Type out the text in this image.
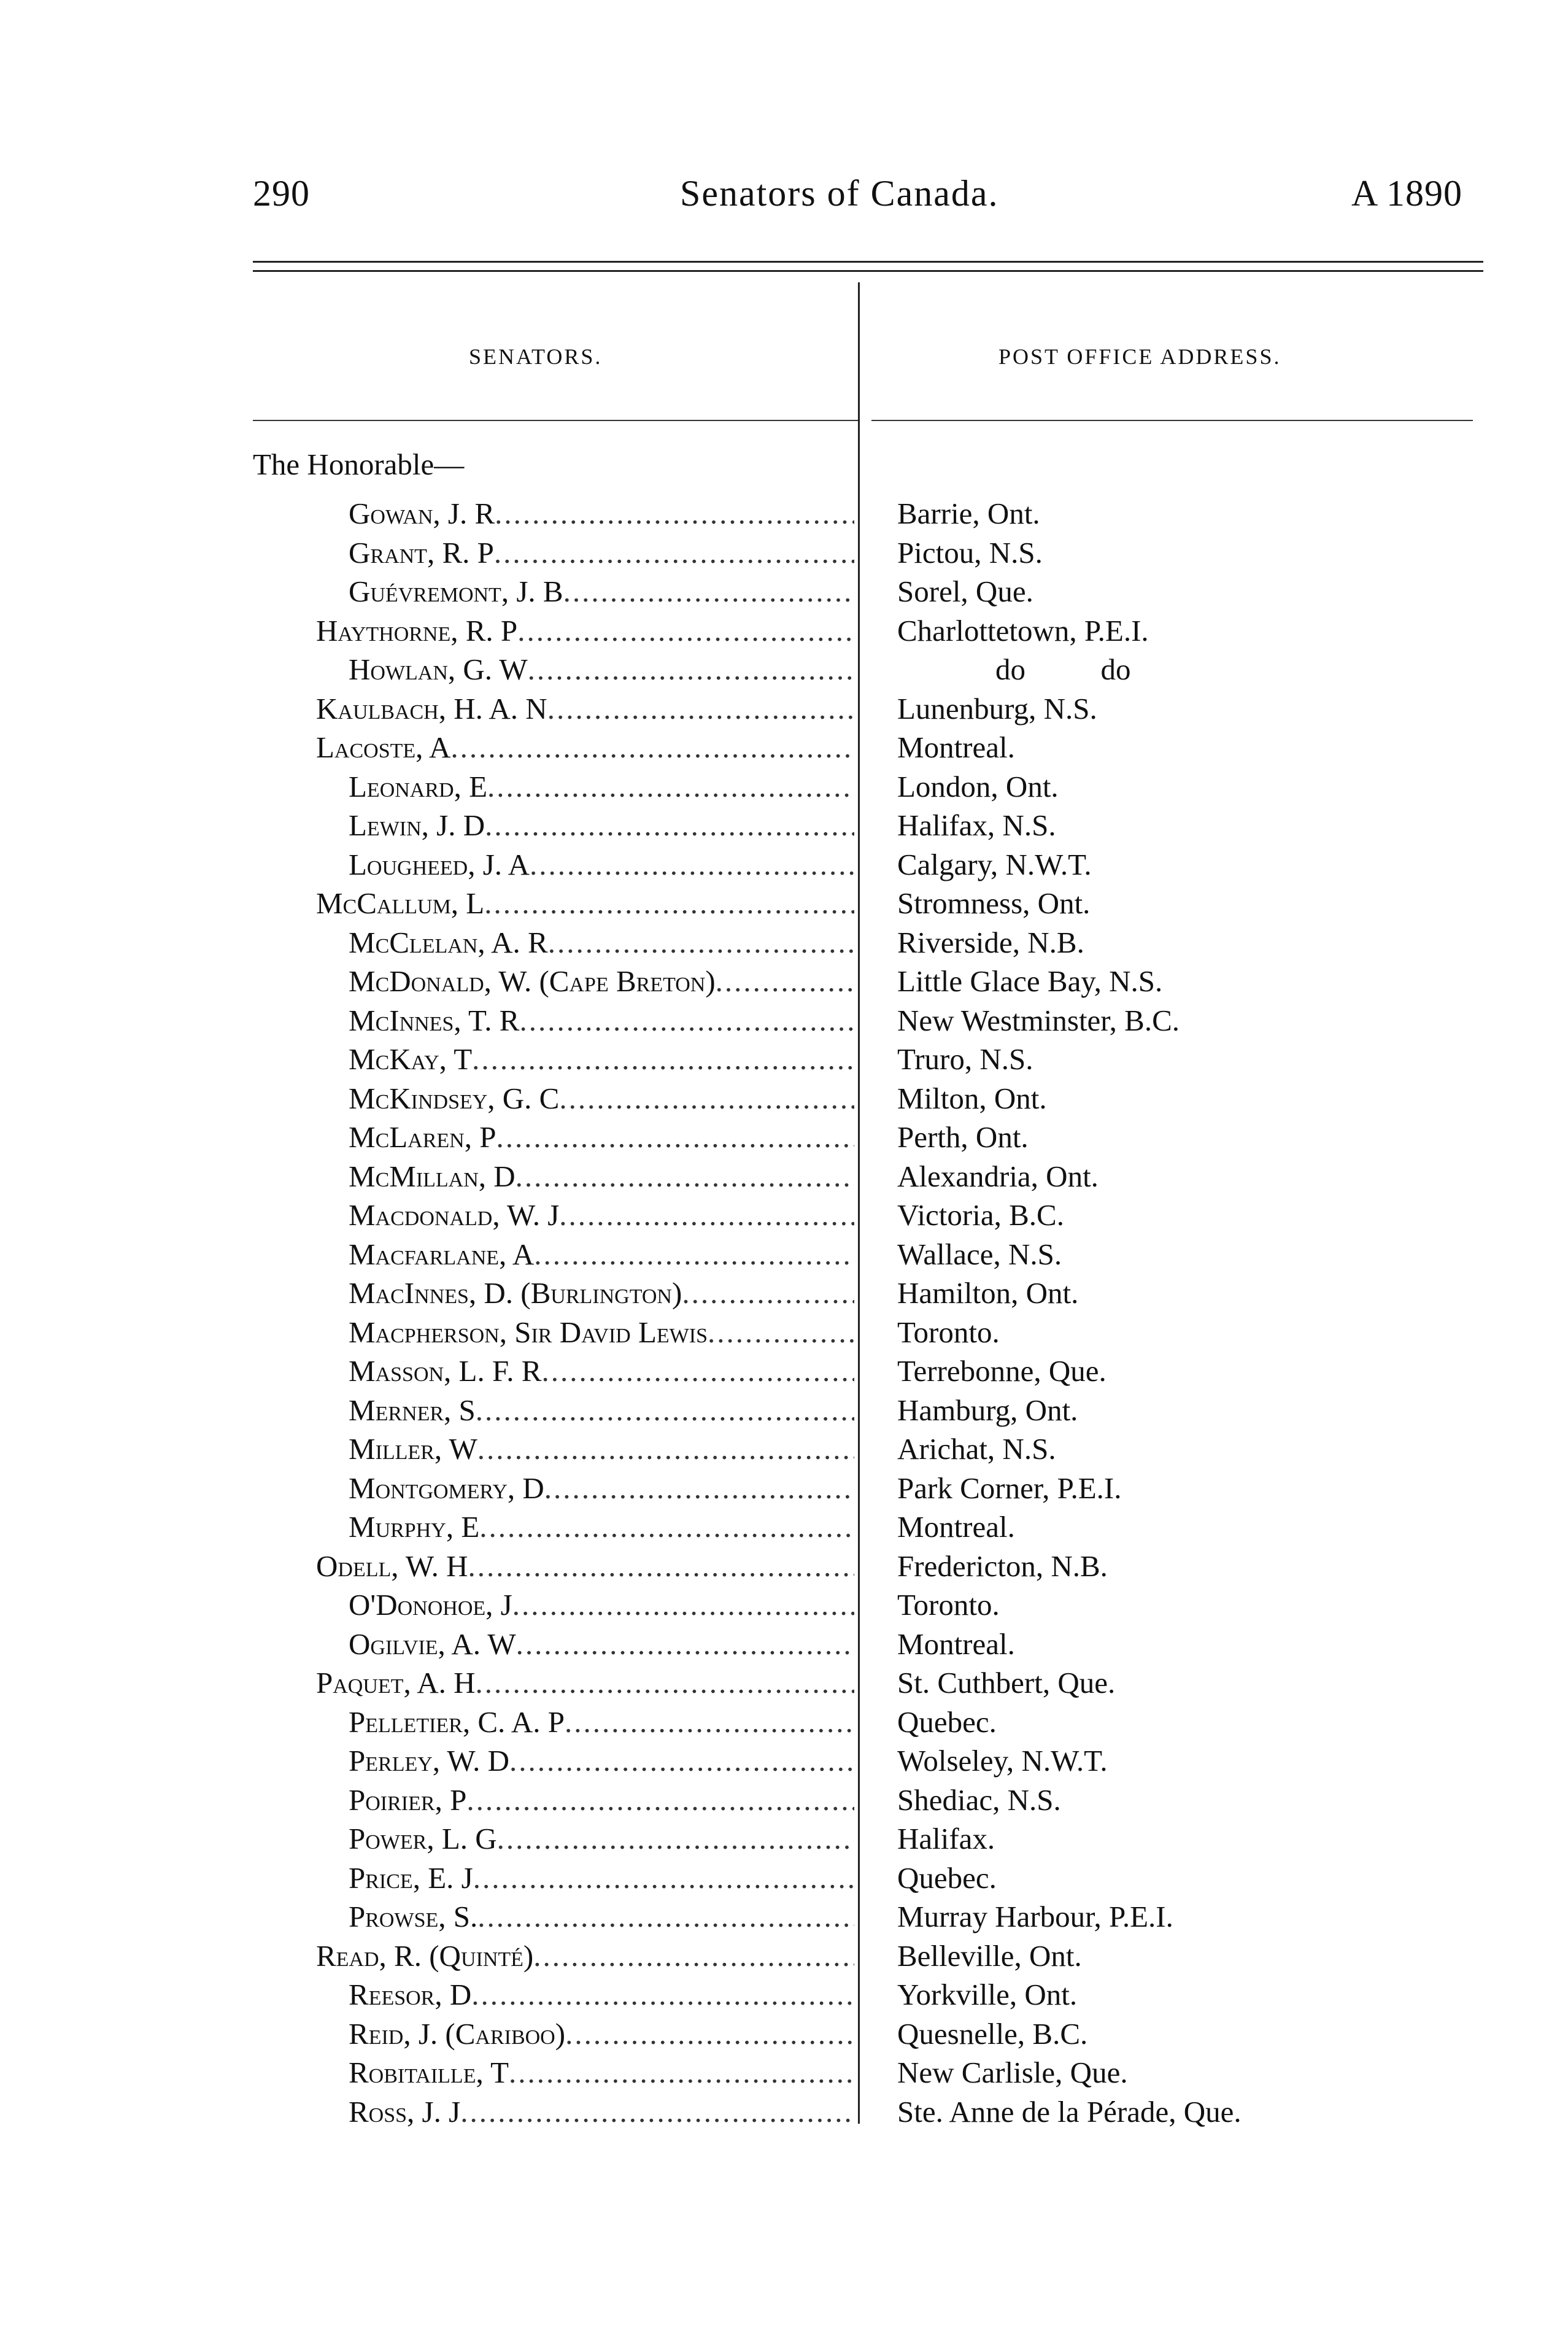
290	Senators of Canada.	A 1890
SENATORS.	POST OFFICE ADDRESS.
The Honorable—
Gowan, J. R .....	Barrie, Ont.
Grant, R. P .....	Pictou, N.S.
Guévremont, J. B .....	Sorel, Que.
Haythorne, R. P .....	Charlottetown, P.E.I.
Howlan, G. W .....	do          do
Kaulbach, H. A. N .....	Lunenburg, N.S.
Lacoste, A .....	Montreal.
Leonard, E .....	London, Ont.
Lewin, J. D .....	Halifax, N.S.
Lougheed, J. A .....	Calgary, N.W.T.
McCallum, L .....	Stromness, Ont.
McClelan, A. R .....	Riverside, N.B.
McDonald, W. (Cape Breton) .....	Little Glace Bay, N.S.
McInnes, T. R .....	New Westminster, B.C.
McKay, T .....	Truro, N.S.
McKindsey, G. C .....	Milton, Ont.
McLaren, P .....	Perth, Ont.
McMillan, D .....	Alexandria, Ont.
Macdonald, W. J .....	Victoria, B.C.
Macfarlane, A .....	Wallace, N.S.
MacInnes, D. (Burlington) .....	Hamilton, Ont.
Macpherson, Sir David Lewis .....	Toronto.
Masson, L. F. R .....	Terrebonne, Que.
Merner, S .....	Hamburg, Ont.
Miller, W .....	Arichat, N.S.
Montgomery, D .....	Park Corner, P.E.I.
Murphy, E .....	Montreal.
Odell, W. H .....	Fredericton, N.B.
O'Donohoe, J .....	Toronto.
Ogilvie, A. W .....	Montreal.
Paquet, A. H .....	St. Cuthbert, Que.
Pelletier, C. A. P .....	Quebec.
Perley, W. D .....	Wolseley, N.W.T.
Poirier, P .....	Shediac, N.S.
Power, L. G .....	Halifax.
Price, E. J .....	Quebec.
Prowse, S. .....	Murray Harbour, P.E.I.
Read, R. (Quinté) .....	Belleville, Ont.
Reesor, D .....	Yorkville, Ont.
Reid, J. (Cariboo) .....	Quesnelle, B.C.
Robitaille, T .....	New Carlisle, Que.
Ross, J. J .....	Ste. Anne de la Pérade, Que.
